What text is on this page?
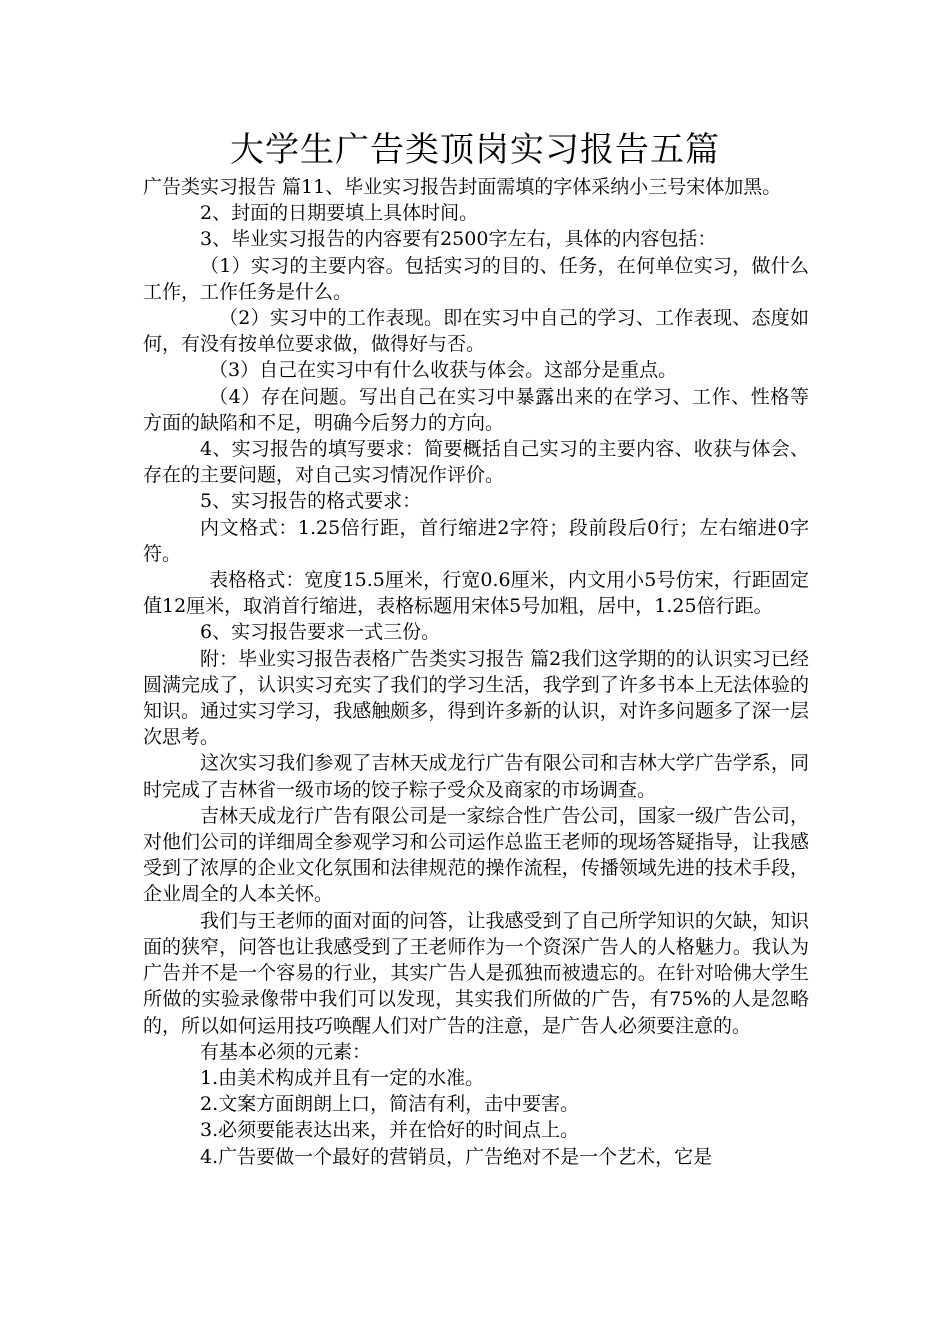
大学生广告类顶岗实习报告五篇

广告类实习报告 篇11、毕业实习报告封面需填的字体采纳小三号宋体加黑。

2、封面的日期要填上具体时间。

3、毕业实习报告的内容要有2500字左右，具体的内容包括：

（1）实习的主要内容。包括实习的目的、任务，在何单位实习，做什么工作，工作任务是什么。

（2）实习中的工作表现。即在实习中自己的学习、工作表现、态度如何，有没有按单位要求做，做得好与否。

（3）自己在实习中有什么收获与体会。这部分是重点。

（4）存在问题。写出自己在实习中暴露出来的在学习、工作、性格等方面的缺陷和不足，明确今后努力的方向。

4、实习报告的填写要求：简要概括自己实习的主要内容、收获与体会、存在的主要问题，对自己实习情况作评价。

5、实习报告的格式要求：

内文格式：1.25倍行距，首行缩进2字符；段前段后0行；左右缩进0字符。

表格格式：宽度15.5厘米，行宽0.6厘米，内文用小5号仿宋，行距固定值12厘米，取消首行缩进，表格标题用宋体5号加粗，居中，1.25倍行距。

6、实习报告要求一式三份。

附：毕业实习报告表格广告类实习报告 篇2我们这学期的的认识实习已经圆满完成了，认识实习充实了我们的学习生活，我学到了许多书本上无法体验的知识。通过实习学习，我感触颇多，得到许多新的认识，对许多问题多了深一层次思考。

这次实习我们参观了吉林天成龙行广告有限公司和吉林大学广告学系，同时完成了吉林省一级市场的饺子粽子受众及商家的市场调查。

吉林天成龙行广告有限公司是一家综合性广告公司，国家一级广告公司，对他们公司的详细周全参观学习和公司运作总监王老师的现场答疑指导，让我感受到了浓厚的企业文化氛围和法律规范的操作流程，传播领域先进的技术手段，企业周全的人本关怀。

我们与王老师的面对面的问答，让我感受到了自己所学知识的欠缺，知识面的狭窄，问答也让我感受到了王老师作为一个资深广告人的人格魅力。我认为广告并不是一个容易的行业，其实广告人是孤独而被遗忘的。在针对哈佛大学生所做的实验录像带中我们可以发现，其实我们所做的广告，有75%的人是忽略的，所以如何运用技巧唤醒人们对广告的注意，是广告人必须要注意的。

有基本必须的元素：

1.由美术构成并且有一定的水准。

2.文案方面朗朗上口，简洁有利，击中要害。

3.必须要能表达出来，并在恰好的时间点上。

4.广告要做一个最好的营销员，广告绝对不是一个艺术，它是
